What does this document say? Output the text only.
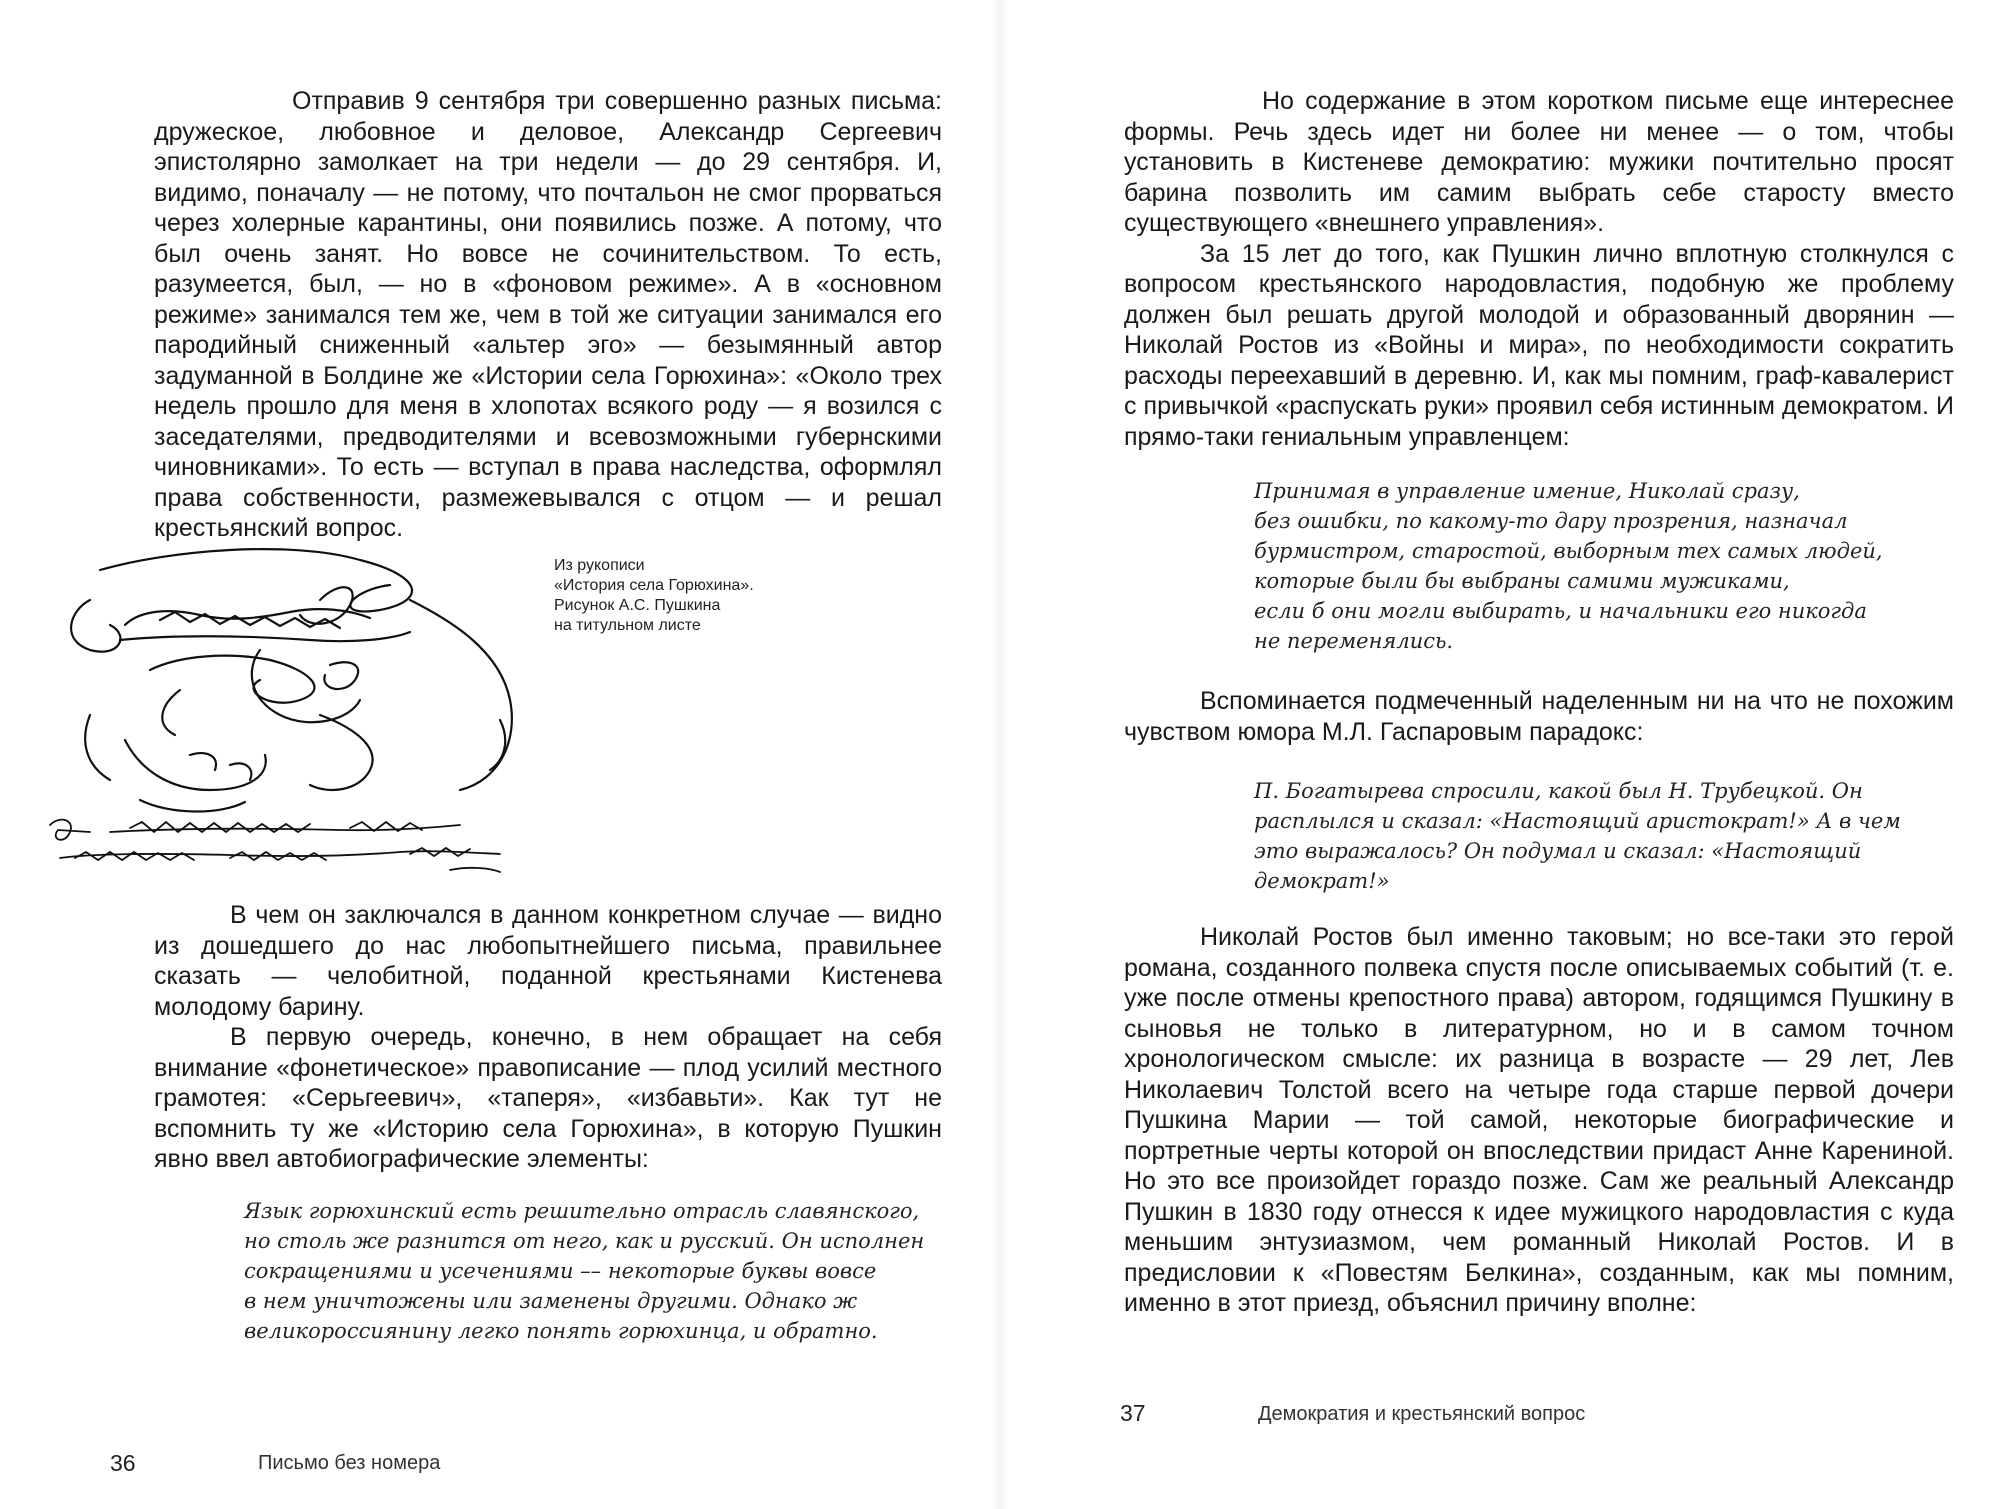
Отправив 9 сентября три совершенно разных письма: дружеское, любовное и деловое, Александр Сергеевич эпистолярно замолкает на три недели — до 29 сентября. И, видимо, поначалу — не потому, что почтальон не смог прорваться через холерные карантины, они появились позже. А потому, что был очень занят. Но вовсе не сочинительством. То есть, разумеется, был, — но в «фоновом режиме». А в «основном режиме» занимался тем же, чем в той же ситуации занимался его пародийный сниженный «альтер эго» — безымянный автор задуманной в Болдине же «Истории села Горюхина»: «Около трех недель прошло для меня в хлопотах всякого роду — я возился с заседателями, предводителями и всевозможными губернскими чиновниками». То есть — вступал в права наследства, оформлял права собственности, размежевывался с отцом — и решал крестьянский вопрос.

Из рукописи
«История села Горюхина».
Рисунок А.С. Пушкина
на титульном листе

В чем он заключался в данном конкретном случае — видно из дошедшего до нас любопытнейшего письма, правильнее сказать — челобитной, поданной крестьянами Кистенева молодому барину.

В первую очередь, конечно, в нем обращает на себя внимание «фонетическое» правописание — плод усилий местного грамотея: «Серьгеевич», «таперя», «избавьти». Как тут не вспомнить ту же «Историю села Горюхина», в которую Пушкин явно ввел автобиографические элементы:

Язык горюхинский есть решительно отрасль славянского,
но столь же разнится от него, как и русский. Он исполнен
сокращениями и усечениями –– некоторые буквы вовсе
в нем уничтожены или заменены другими. Однако ж
великороссиянину легко понять горюхинца, и обратно.
36	Письмо без номера

Но содержание в этом коротком письме еще интереснее формы. Речь здесь идет ни более ни менее — о том, чтобы установить в Кистеневе демократию: мужики почтительно просят барина позволить им самим выбрать себе старосту вместо существующего «внешнего управления».

За 15 лет до того, как Пушкин лично вплотную столкнулся с вопросом крестьянского народовластия, подобную же проблему должен был решать другой молодой и образованный дворянин — Николай Ростов из «Войны и мира», по необходимости сократить расходы переехавший в деревню. И, как мы помним, граф-кавалерист с привычкой «распускать руки» проявил себя истинным демократом. И прямо-таки гениальным управленцем:

Принимая в управление имение, Николай сразу,
без ошибки, по какому-то дару прозрения, назначал
бурмистром, старостой, выборным тех самых людей,
которые были бы выбраны самими мужиками,
если б они могли выбирать, и начальники его никогда
не переменялись.

Вспоминается подмеченный наделенным ни на что не похожим чувством юмора М.Л. Гаспаровым парадокс:

П. Богатырева спросили, какой был Н. Трубецкой. Он
расплылся и сказал: «Настоящий аристократ!» А в чем
это выражалось? Он подумал и сказал: «Настоящий
демократ!»

Николай Ростов был именно таковым; но все-таки это герой романа, созданного полвека спустя после описываемых событий (т. е. уже после отмены крепостного права) автором, годящимся Пушкину в сыновья не только в литературном, но и в самом точном хронологическом смысле: их разница в возрасте — 29 лет, Лев Николаевич Толстой всего на четыре года старше первой дочери Пушкина Марии — той самой, некоторые биографические и портретные черты которой он впоследствии придаст Анне Карениной. Но это все произойдет гораздо позже. Сам же реальный Александр Пушкин в 1830 году отнесся к идее мужицкого народовластия с куда меньшим энтузиазмом, чем романный Николай Ростов. И в предисловии к «Повестям Белкина», созданным, как мы помним, именно в этот приезд, объяснил причину вполне:

37	Демократия и крестьянский вопрос
